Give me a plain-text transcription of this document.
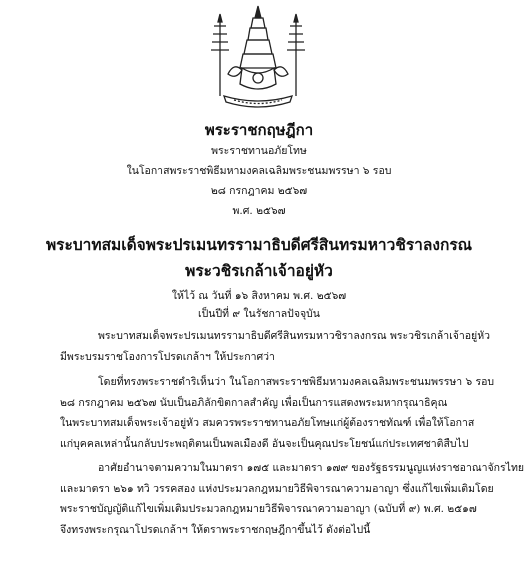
พระราชกฤษฎีกา
พระราชทานอภัยโทษ
ในโอกาสพระราชพิธีมหามงคลเฉลิมพระชนมพรรษา ๖ รอบ
๒๘ กรกฎาคม ๒๕๖๗
พ.ศ. ๒๕๖๗
พระบาทสมเด็จพระปรเมนทรรามาธิบดีศรีสินทรมหาวชิราลงกรณ
พระวชิรเกล้าเจ้าอยู่หัว
ให้ไว้ ณ วันที่ ๑๖ สิงหาคม พ.ศ. ๒๕๖๗
เป็นปีที่ ๙ ในรัชกาลปัจจุบัน
พระบาทสมเด็จพระปรเมนทรรามาธิบดีศรีสินทรมหาวชิราลงกรณ พระวชิรเกล้าเจ้าอยู่หัว
มีพระบรมราชโองการโปรดเกล้าฯ ให้ประกาศว่า
โดยที่ทรงพระราชดำริเห็นว่า ในโอกาสพระราชพิธีมหามงคลเฉลิมพระชนมพรรษา ๖ รอบ
๒๘ กรกฎาคม ๒๕๖๗ นับเป็นอภิลักขิตกาลสำคัญ เพื่อเป็นการแสดงพระมหากรุณาธิคุณ
ในพระบาทสมเด็จพระเจ้าอยู่หัว สมควรพระราชทานอภัยโทษแก่ผู้ต้องราชทัณฑ์ เพื่อให้โอกาส
แก่บุคคลเหล่านั้นกลับประพฤติตนเป็นพลเมืองดี อันจะเป็นคุณประโยชน์แก่ประเทศชาติสืบไป
อาศัยอำนาจตามความในมาตรา ๑๗๕ และมาตรา ๑๗๙ ของรัฐธรรมนูญแห่งราชอาณาจักรไทย
และมาตรา ๒๖๑ ทวิ วรรคสอง แห่งประมวลกฎหมายวิธีพิจารณาความอาญา ซึ่งแก้ไขเพิ่มเติมโดย
พระราชบัญญัติแก้ไขเพิ่มเติมประมวลกฎหมายวิธีพิจารณาความอาญา (ฉบับที่ ๙) พ.ศ. ๒๕๑๗
จึงทรงพระกรุณาโปรดเกล้าฯ ให้ตราพระราชกฤษฎีกาขึ้นไว้ ดังต่อไปนี้
